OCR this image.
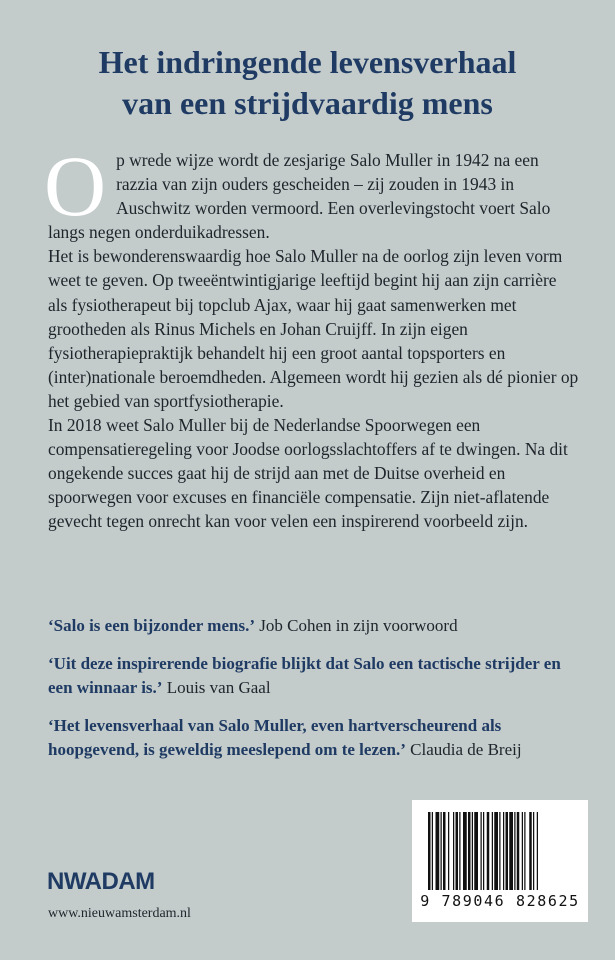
Het indringende levensverhaal
van een strijdvaardig mens
O p wrede wijze wordt de zesjarige Salo Muller in 1942 na een razzia van zijn ouders gescheiden – zij zouden in 1943 in Auschwitz worden vermoord. Een overlevingstocht voert Salo langs negen onderduikadressen.

Het is bewonderenswaardig hoe Salo Muller na de oorlog zijn leven vorm weet te geven. Op tweeëntwintigjarige leeftijd begint hij aan zijn carrière als fysiotherapeut bij topclub Ajax, waar hij gaat samenwerken met grootheden als Rinus Michels en Johan Cruijff. In zijn eigen fysiotherapiepraktijk behandelt hij een groot aantal topsporters en (inter)nationale beroemdheden. Algemeen wordt hij gezien als dé pionier op het gebied van sportfysiotherapie.

In 2018 weet Salo Muller bij de Nederlandse Spoorwegen een compensatieregeling voor Joodse oorlogsslachtoffers af te dwingen. Na dit ongekende succes gaat hij de strijd aan met de Duitse overheid en spoorwegen voor excuses en financiële compensatie. Zijn niet-aflatende gevecht tegen onrecht kan voor velen een inspirerend voorbeeld zijn.

‘Salo is een bijzonder mens.’ Job Cohen in zijn voorwoord

‘Uit deze inspirerende biografie blijkt dat Salo een tactische strijder en een winnaar is.’ Louis van Gaal

‘Het levensverhaal van Salo Muller, even hartverscheurend als hoopgevend, is geweldig meeslepend om te lezen.’ Claudia de Breij

NWADAM
www.nieuwamsterdam.nl
9 789046 828625
